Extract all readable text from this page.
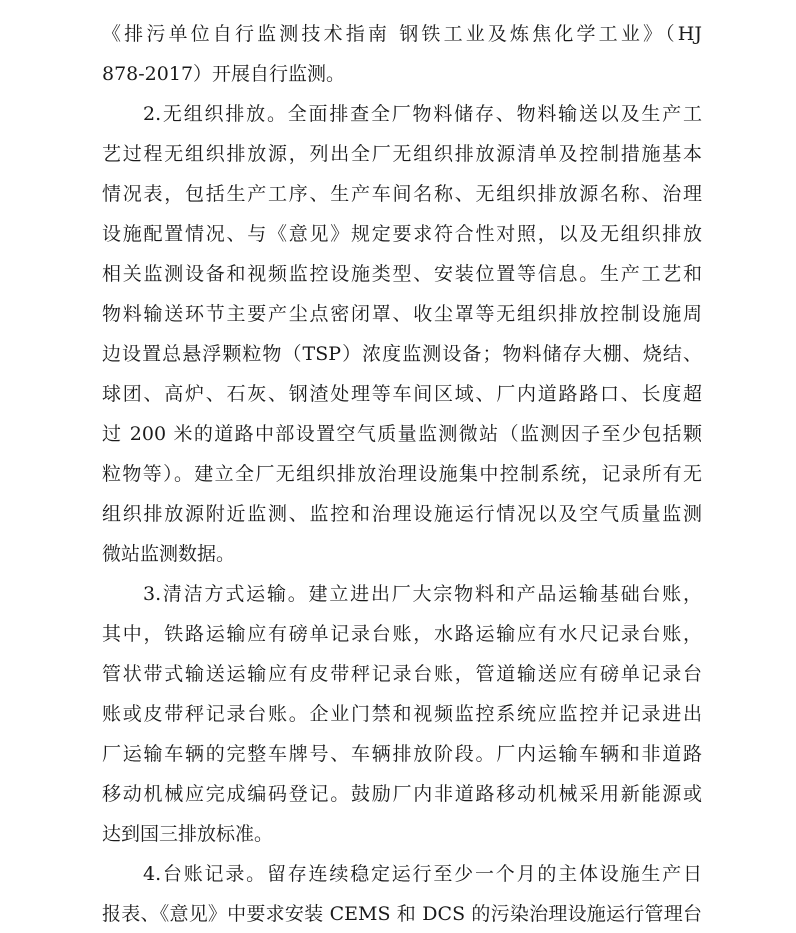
《排污单位自行监测技术指南 钢铁工业及炼焦化学工业》（HJ
878-2017）开展自行监测。
2.无组织排放。全面排查全厂物料储存、物料输送以及生产工
艺过程无组织排放源，列出全厂无组织排放源清单及控制措施基本
情况表，包括生产工序、生产车间名称、无组织排放源名称、治理
设施配置情况、与《意见》规定要求符合性对照，以及无组织排放
相关监测设备和视频监控设施类型、安装位置等信息。生产工艺和
物料输送环节主要产尘点密闭罩、收尘罩等无组织排放控制设施周
边设置总悬浮颗粒物（TSP）浓度监测设备；物料储存大棚、烧结、
球团、高炉、石灰、钢渣处理等车间区域、厂内道路路口、长度超
过 200 米的道路中部设置空气质量监测微站（监测因子至少包括颗
粒物等）。建立全厂无组织排放治理设施集中控制系统，记录所有无
组织排放源附近监测、监控和治理设施运行情况以及空气质量监测
微站监测数据。
3.清洁方式运输。建立进出厂大宗物料和产品运输基础台账，
其中，铁路运输应有磅单记录台账，水路运输应有水尺记录台账，
管状带式输送运输应有皮带秤记录台账，管道输送应有磅单记录台
账或皮带秤记录台账。企业门禁和视频监控系统应监控并记录进出
厂运输车辆的完整车牌号、车辆排放阶段。厂内运输车辆和非道路
移动机械应完成编码登记。鼓励厂内非道路移动机械采用新能源或
达到国三排放标准。
4.台账记录。留存连续稳定运行至少一个月的主体设施生产日
报表、《意见》中要求安装 CEMS 和 DCS 的污染治理设施运行管理台
